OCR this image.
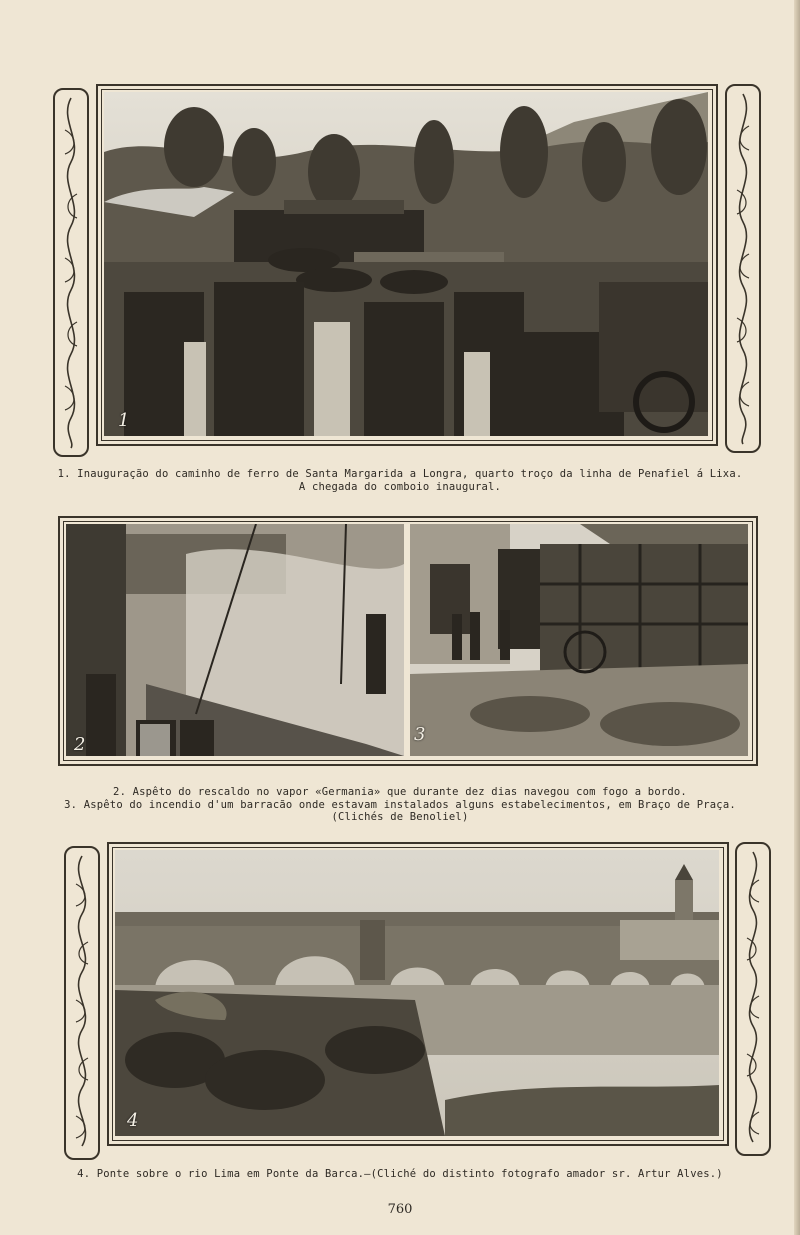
1
1. Inauguração do caminho de ferro de Santa Margarida a Longra, quarto troço da linha de Penafiel á Lixa.
A chegada do comboio inaugural.
2	3
2. Aspêto do rescaldo no vapor «Germania» que durante dez dias navegou com fogo a bordo.
3. Aspêto do incendio d'um barracão onde estavam instalados alguns estabelecimentos, em Braço de Praça.
(Clichés de Benoliel)
4
4. Ponte sobre o rio Lima em Ponte da Barca.—(Cliché do distinto fotografo amador sr. Artur Alves.)
760
